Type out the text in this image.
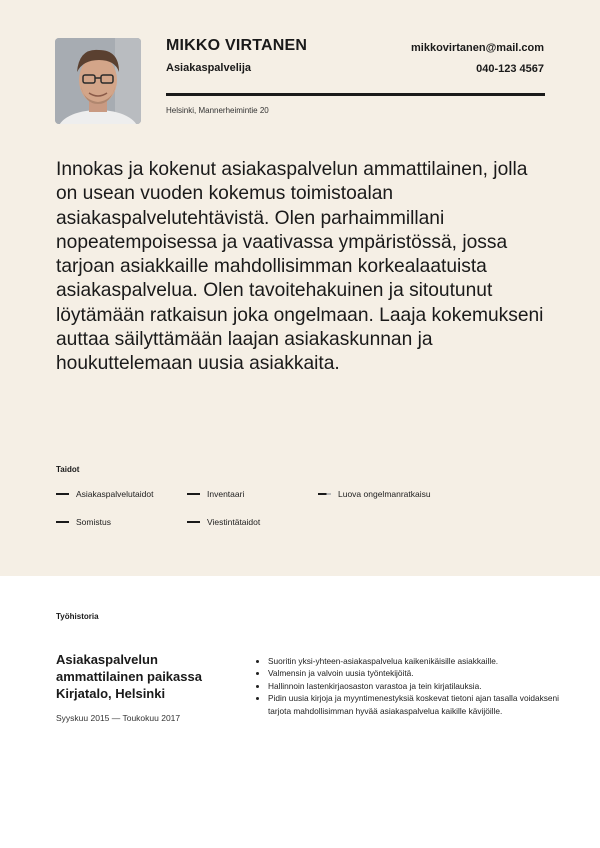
MIKKO VIRTANEN
Asiakaspalvelija
mikkovirtanen@mail.com
040-123 4567
Helsinki, Mannerheimintie 20
Innokas ja kokenut asiakaspalvelun ammattilainen, jolla on usean vuoden kokemus toimistoalan asiakaspalvelutehtävistä. Olen parhaimmillani nopeatempoisessa ja vaativassa ympäristössä, jossa tarjoan asiakkaille mahdollisimman korkealaatuista asiakaspalvelua. Olen tavoitehakuinen ja sitoutunut löytämään ratkaisun joka ongelmaan. Laaja kokemukseni auttaa säilyttämään laajan asiakaskunnan ja houkuttelemaan uusia asiakkaita.
Taidot
Asiakaspalvelutaidot	Inventaari	Luova ongelmanratkaisu
Somistus	Viestintätaidot
Työhistoria
Asiakaspalvelun ammattilainen paikassa Kirjatalo, Helsinki
Syyskuu 2015 — Toukokuu 2017
• Suoritin yksi-yhteen-asiakaspalvelua kaikenikäisille asiakkaille.
• Valmensin ja valvoin uusia työntekijöitä.
• Hallinnoin lastenkirjaosaston varastoa ja tein kirjatilauksia.
• Pidin uusia kirjoja ja myyntimenestyksiä koskevat tietoni ajan tasalla voidakseni tarjota mahdollisimman hyvää asiakaspalvelua kaikille kävijöille.
